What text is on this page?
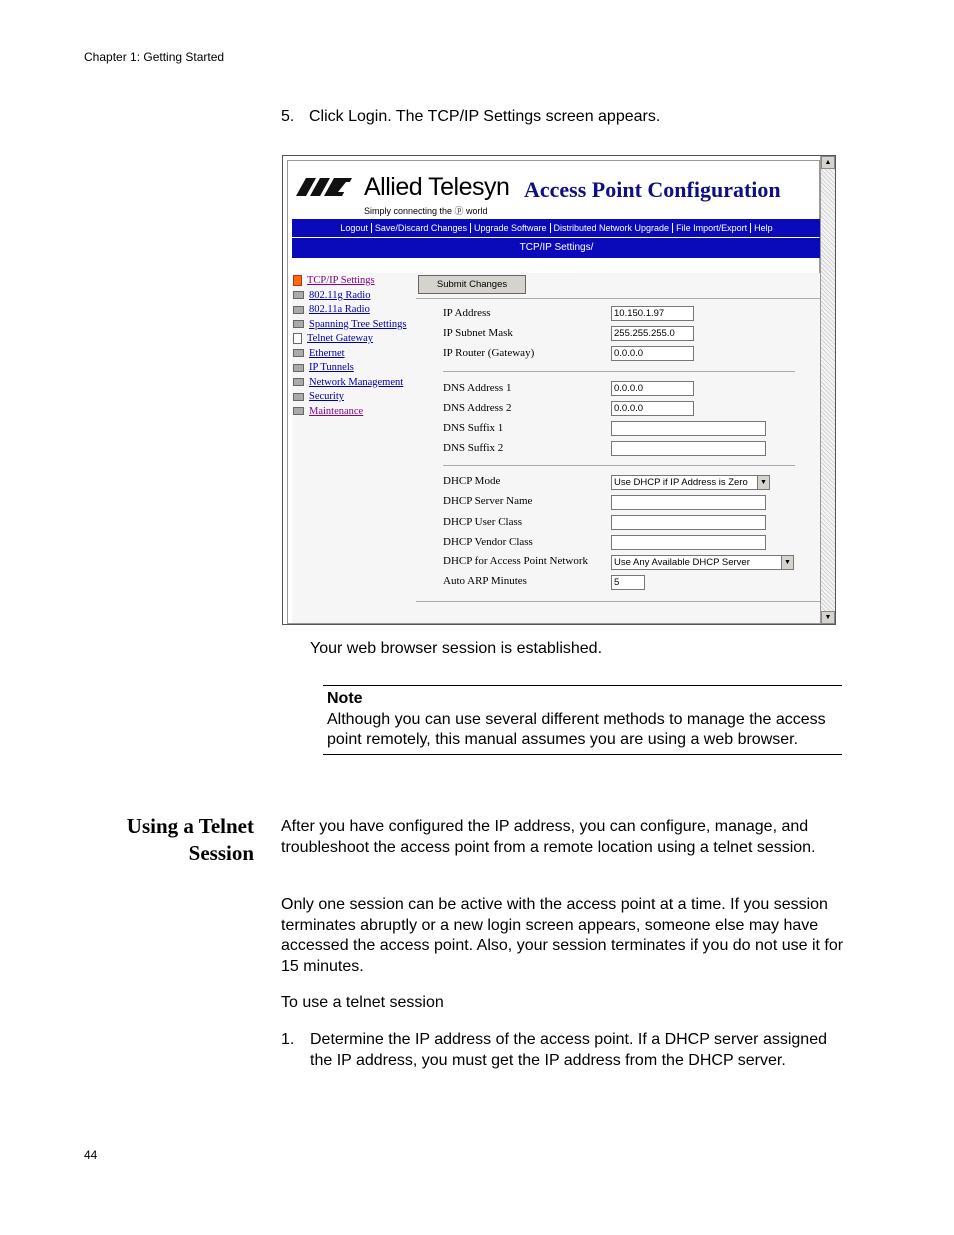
Chapter 1: Getting Started
5. Click Login. The TCP/IP Settings screen appears.
Allied Telesyn
Simply connecting the ⓟ world
Access Point Configuration
Logout Save/Discard Changes Upgrade Software Distributed Network Upgrade File Import/Export Help
TCP/IP Settings/
TCP/IP Settings
802.11g Radio
802.11a Radio
Spanning Tree Settings
Telnet Gateway
Ethernet
IP Tunnels
Network Management
Security
Maintenance
Submit Changes
IP Address	10.150.1.97
IP Subnet Mask	255.255.255.0
IP Router (Gateway)	0.0.0.0
DNS Address 1	0.0.0.0
DNS Address 2	0.0.0.0
DNS Suffix 1
DNS Suffix 2
DHCP Mode	Use DHCP if IP Address is Zero	▼
DHCP Server Name
DHCP User Class
DHCP Vendor Class
DHCP for Access Point Network	Use Any Available DHCP Server	▼
Auto ARP Minutes	5
▲
▼
Your web browser session is established.
Note
Although you can use several different methods to manage the access point remotely, this manual assumes you are using a web browser.
Using a Telnet
Session
After you have configured the IP address, you can configure, manage, and troubleshoot the access point from a remote location using a telnet session.
Only one session can be active with the access point at a time. If you session terminates abruptly or a new login screen appears, someone else may have accessed the access point. Also, your session terminates if you do not use it for 15 minutes.
To use a telnet session
1. Determine the IP address of the access point. If a DHCP server assigned the IP address, you must get the IP address from the DHCP server.
44
